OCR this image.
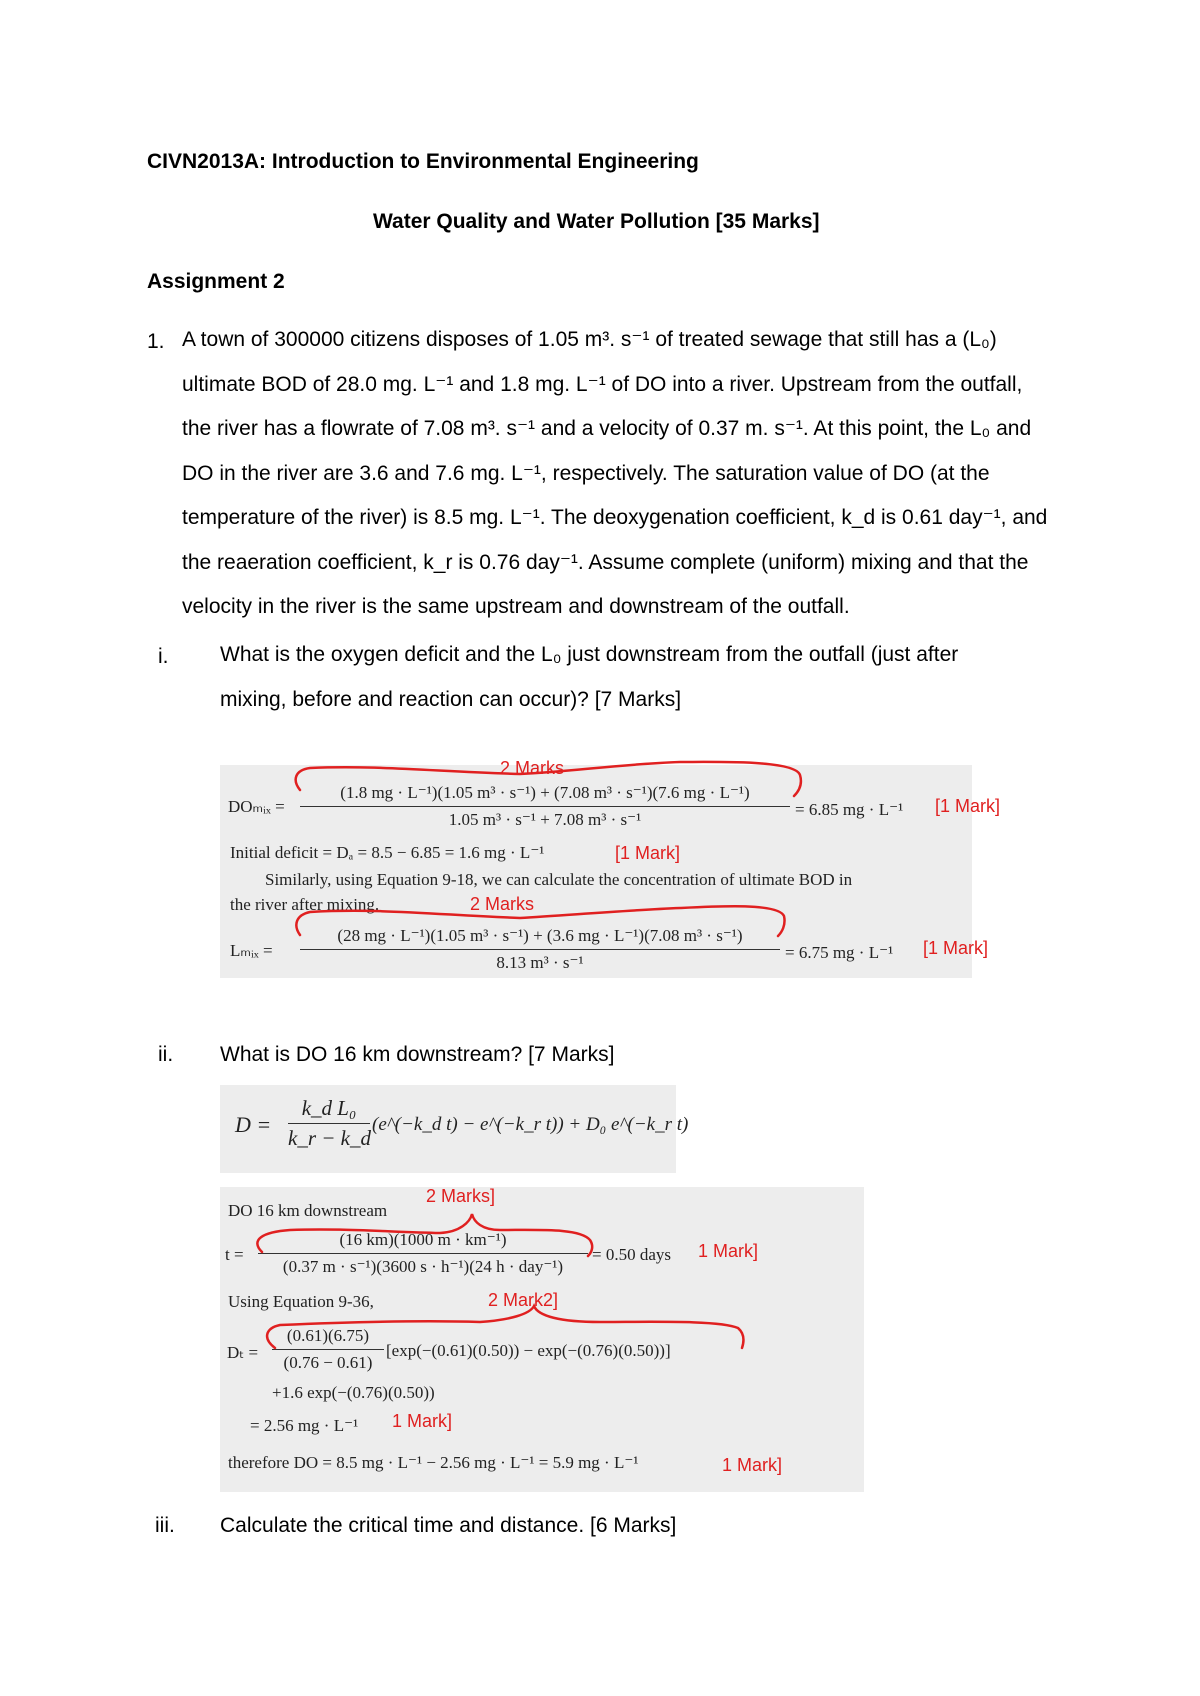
CIVN2013A: Introduction to Environmental Engineering
Water Quality and Water Pollution [35 Marks]
Assignment 2
1. A town of 300000 citizens disposes of 1.05 m³. s⁻¹ of treated sewage that still has a (L₀)
ultimate BOD of 28.0 mg. L⁻¹ and 1.8 mg. L⁻¹ of DO into a river. Upstream from the outfall,
the river has a flowrate of 7.08 m³. s⁻¹ and a velocity of 0.37 m. s⁻¹. At this point, the L₀ and
DO in the river are 3.6 and 7.6 mg. L⁻¹, respectively. The saturation value of DO (at the
temperature of the river) is 8.5 mg. L⁻¹. The deoxygenation coefficient, k_d is 0.61 day⁻¹, and
the reaeration coefficient, k_r is 0.76 day⁻¹. Assume complete (uniform) mixing and that the
velocity in the river is the same upstream and downstream of the outfall.
i. What is the oxygen deficit and the L₀ just downstream from the outfall (just after
mixing, before and reaction can occur)? [7 Marks]
DOₘᵢₓ =
(1.8 mg · L⁻¹)(1.05 m³ · s⁻¹) + (7.08 m³ · s⁻¹)(7.6 mg · L⁻¹)
1.05 m³ · s⁻¹ + 7.08 m³ · s⁻¹
= 6.85 mg · L⁻¹ [1 Mark]
2 Marks
Initial deficit = Dₐ = 8.5 − 6.85 = 1.6 mg · L⁻¹	[1 Mark]
Similarly, using Equation 9-18, we can calculate the concentration of ultimate BOD in
the river after mixing.	2 Marks
Lₘᵢₓ = $\frac{\text{(28 mg · L⁻¹)(1.05 m³ · s⁻¹) + (3.6 mg · L⁻¹)(7.08 m³ · s⁻¹)}}{\text{8.13 m³ · s⁻¹}} = 6.75$ mg · L⁻¹ [1 Mark]
ii. What is DO 16 km downstream? [7 Marks]
$D = \frac{\text{k\_d L₀}}{k\_r - k\_d}$ (e^(−k_d t) − e^(−k_r t)) + D₀ e^(−k_r t)
DO 16 km downstream
2 Marks]
t =
(16 km)(1000 m · km⁻¹)
(0.37 m · s⁻¹)(3600 s · h⁻¹)(24 h · day⁻¹)
= 0.50 days 1 Mark]
Using Equation 9-36,	2 Mark2]
$D_t = \frac{(0.61)(6.75)}{(0.76 - 0.61)} [\exp(-(0.61)(0.50)) - \exp(-(0.76)(0.50))]$
+1.6 exp(−(0.76)(0.50))
= 2.56 mg · L⁻¹ 1 Mark]
therefore DO = 8.5 mg · L⁻¹ − 2.56 mg · L⁻¹ = 5.9 mg · L⁻¹	1 Mark]
iii. Calculate the critical time and distance. [6 Marks]
